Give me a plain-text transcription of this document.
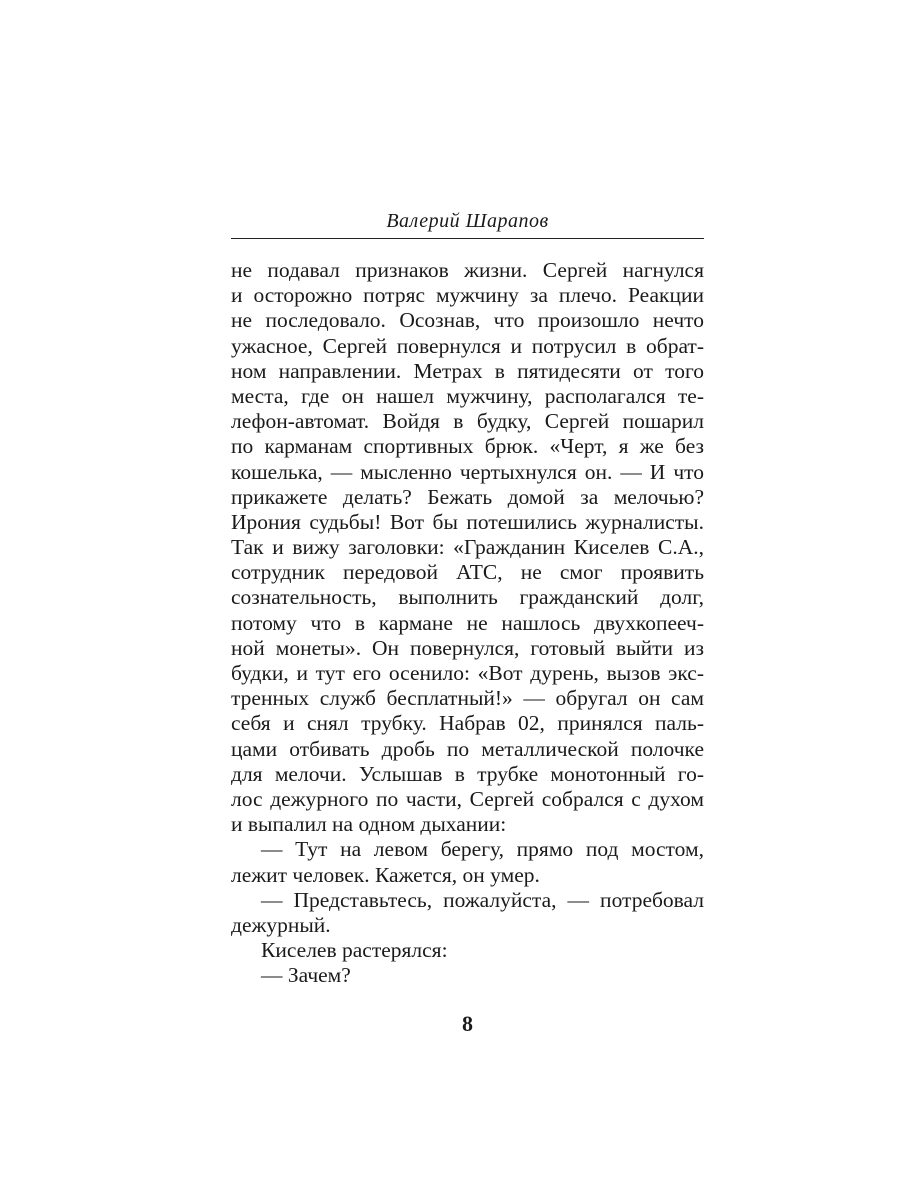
Валерий Шарапов
не подавал признаков жизни. Сергей нагнулся
и осторожно потряс мужчину за плечо. Реакции
не последовало. Осознав, что произошло нечто
ужасное, Сергей повернулся и потрусил в обрат-
ном направлении. Метрах в пятидесяти от того
места, где он нашел мужчину, располагался те-
лефон-автомат. Войдя в будку, Сергей пошарил
по карманам спортивных брюк. «Черт, я же без
кошелька, — мысленно чертыхнулся он. — И что
прикажете делать? Бежать домой за мелочью?
Ирония судьбы! Вот бы потешились журналисты.
Так и вижу заголовки: «Гражданин Киселев С.А.,
сотрудник передовой АТС, не смог проявить
сознательность, выполнить гражданский долг,
потому что в кармане не нашлось двухкопееч-
ной монеты». Он повернулся, готовый выйти из
будки, и тут его осенило: «Вот дурень, вызов экс-
тренных служб бесплатный!» — обругал он сам
себя и снял трубку. Набрав 02, принялся паль-
цами отбивать дробь по металлической полочке
для мелочи. Услышав в трубке монотонный го-
лос дежурного по части, Сергей собрался с духом
и выпалил на одном дыхании:
— Тут на левом берегу, прямо под мостом,
лежит человек. Кажется, он умер.
— Представьтесь, пожалуйста, — потребовал
дежурный.
Киселев растерялся:
— Зачем?
8
